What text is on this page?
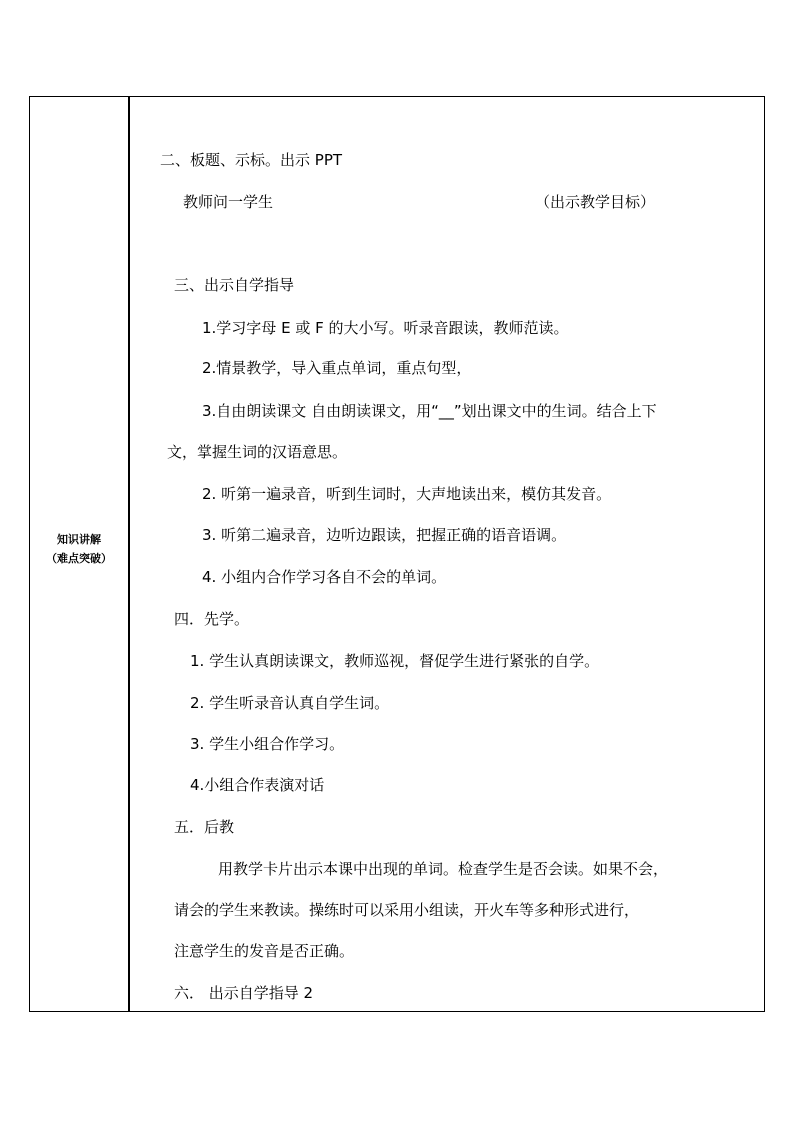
知识讲解
（难点突破）
二、板题、示标。出示 PPT
教师问一学生	（出示教学目标）
三、出示自学指导
1.学习字母 E 或 F 的大小写。听录音跟读，教师范读。
2.情景教学，导入重点单词，重点句型，
3.自由朗读课文 自由朗读课文，用“__”划出课文中的生词。结合上下
文，掌握生词的汉语意思。
2. 听第一遍录音，听到生词时，大声地读出来，模仿其发音。
3. 听第二遍录音，边听边跟读，把握正确的语音语调。
4. 小组内合作学习各自不会的单词。
四．先学。
1. 学生认真朗读课文，教师巡视，督促学生进行紧张的自学。
2. 学生听录音认真自学生词。
3. 学生小组合作学习。
4.小组合作表演对话
五．后教
用教学卡片出示本课中出现的单词。检查学生是否会读。如果不会，
请会的学生来教读。操练时可以采用小组读，开火车等多种形式进行，
注意学生的发音是否正确。
六． 出示自学指导 2
